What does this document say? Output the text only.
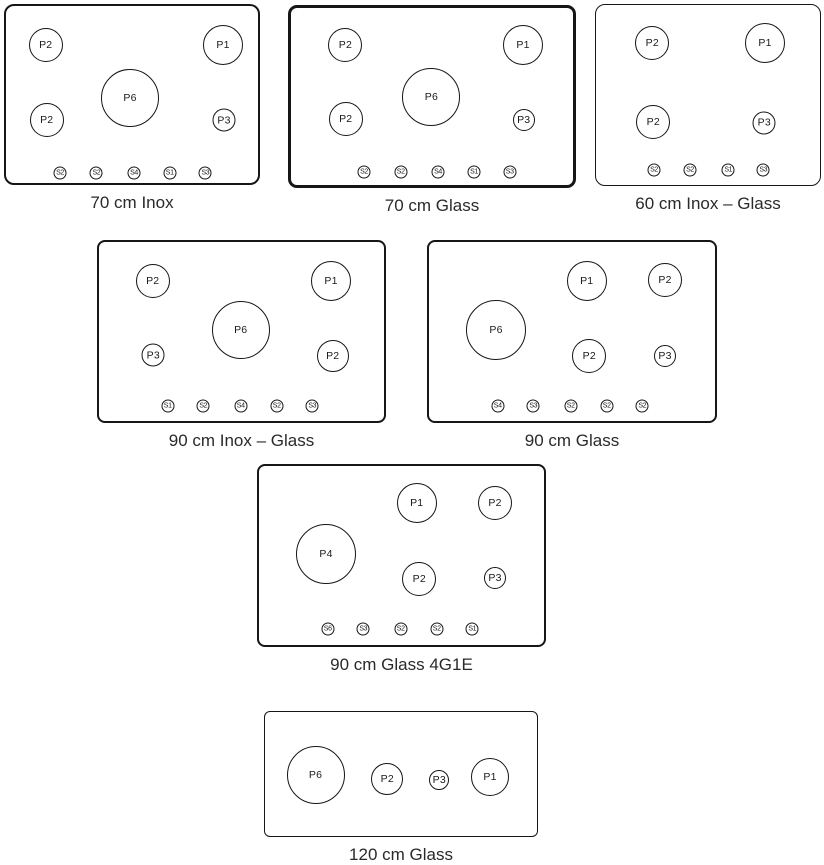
P2	P1
P6
P2	P3
S2	S2	S4	S1	S3
70 cm Inox
P2	P1
P6
P2	P3
S2	S2	S4	S1	S3
70 cm Glass
P2	P1
P2	P3
S2	S2	S1	S3
60 cm Inox – Glass
P2	P1
P6
P3	P2
S1	S2	S4	S2	S3
90 cm Inox – Glass
P1	P2
P6
P2	P3
S4	S3	S2	S2	S2
90 cm Glass
P1	P2
P4
P2	P3
S6	S3	S2	S2	S1
90 cm Glass 4G1E
P6	P2	P3	P1
120 cm Glass
